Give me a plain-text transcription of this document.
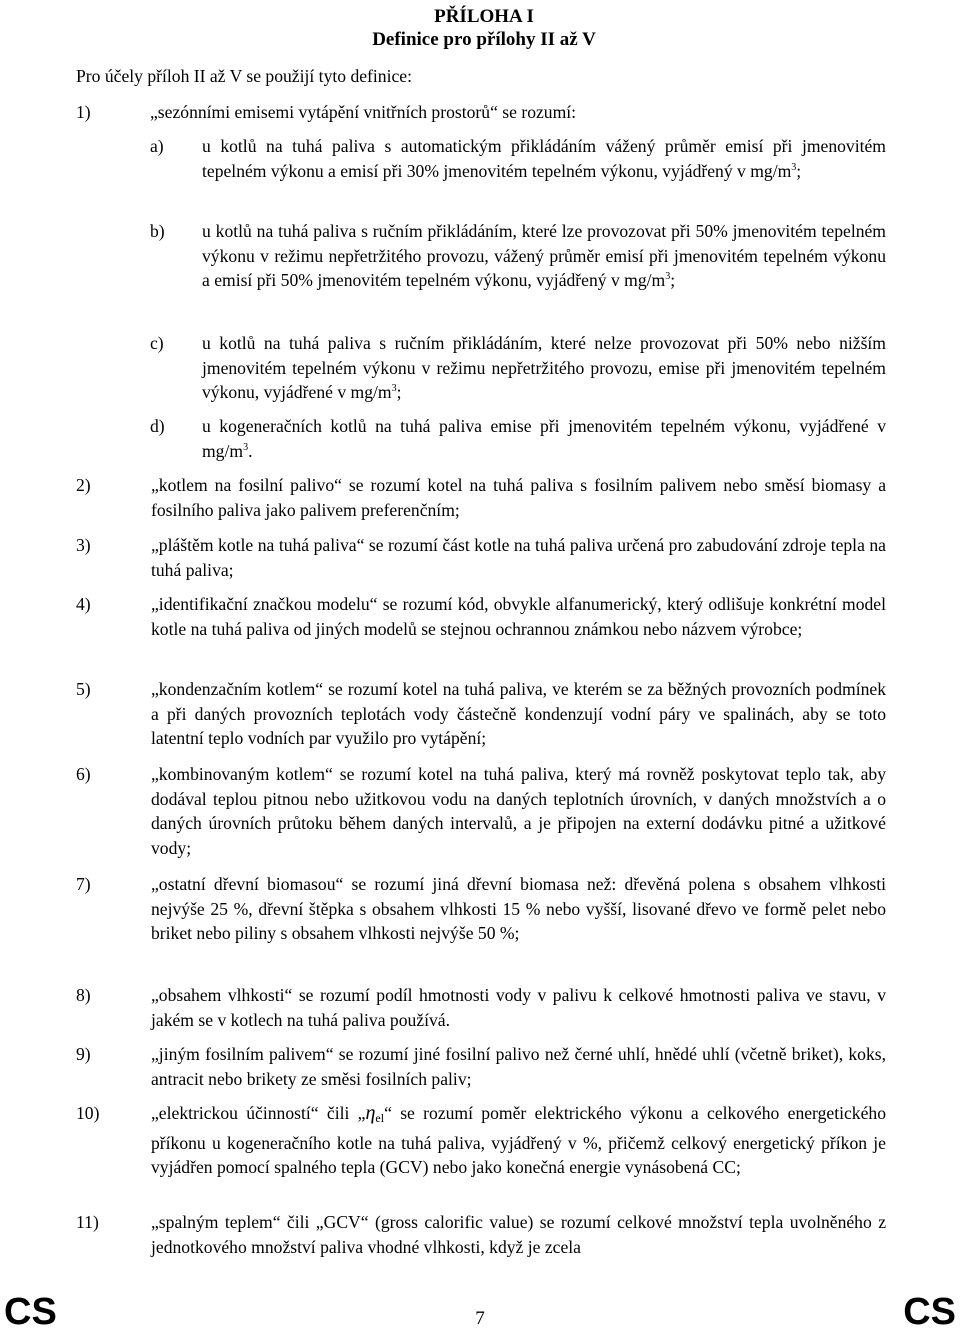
PŘÍLOHA I
Definice pro přílohy II až V
Pro účely příloh II až V se použijí tyto definice:
1)	„sezónními emisemi vytápění vnitřních prostorů“ se rozumí:
a)	u kotlů na tuhá paliva s automatickým přikládáním vážený průměr emisí při jmenovitém tepelném výkonu a emisí při 30% jmenovitém tepelném výkonu, vyjádřený v $mg/m^3$;
b)	u kotlů na tuhá paliva s ručním přikládáním, které lze provozovat při 50% jmenovitém tepelném výkonu v režimu nepřetržitého provozu, vážený průměr emisí při jmenovitém tepelném výkonu a emisí při 50% jmenovitém tepelném výkonu, vyjádřený v $mg/m^3$;
c)	u kotlů na tuhá paliva s ručním přikládáním, které nelze provozovat při 50% nebo nižším jmenovitém tepelném výkonu v režimu nepřetržitého provozu, emise při jmenovitém tepelném výkonu, vyjádřené v $mg/m^3$;
d)	u kogeneračních kotlů na tuhá paliva emise při jmenovitém tepelném výkonu, vyjádřené v $mg/m^3$.
2)	„kotlem na fosilní palivo“ se rozumí kotel na tuhá paliva s fosilním palivem nebo směsí biomasy a fosilního paliva jako palivem preferenčním;
3)	„pláštěm kotle na tuhá paliva“ se rozumí část kotle na tuhá paliva určená pro zabudování zdroje tepla na tuhá paliva;
4)	„identifikační značkou modelu“ se rozumí kód, obvykle alfanumerický, který odlišuje konkrétní model kotle na tuhá paliva od jiných modelů se stejnou ochrannou známkou nebo názvem výrobce;
5)	„kondenzačním kotlem“ se rozumí kotel na tuhá paliva, ve kterém se za běžných provozních podmínek a při daných provozních teplotách vody částečně kondenzují vodní páry ve spalinách, aby se toto latentní teplo vodních par využilo pro vytápění;
6)	„kombinovaným kotlem“ se rozumí kotel na tuhá paliva, který má rovněž poskytovat teplo tak, aby dodával teplou pitnou nebo užitkovou vodu na daných teplotních úrovních, v daných množstvích a o daných úrovních průtoku během daných intervalů, a je připojen na externí dodávku pitné a užitkové vody;
7)	„ostatní dřevní biomasou“ se rozumí jiná dřevní biomasa než: dřevěná polena s obsahem vlhkosti nejvýše 25 %, dřevní štěpka s obsahem vlhkosti 15 % nebo vyšší, lisované dřevo ve formě pelet nebo briket nebo piliny s obsahem vlhkosti nejvýše 50 %;
8)	„obsahem vlhkosti“ se rozumí podíl hmotnosti vody v palivu k celkové hmotnosti paliva ve stavu, v jakém se v kotlech na tuhá paliva používá.
9)	„jiným fosilním palivem“ se rozumí jiné fosilní palivo než černé uhlí, hnědé uhlí (včetně briket), koks, antracit nebo brikety ze směsi fosilních paliv;
10)	„elektrickou účinností“ čili „ηel“ se rozumí poměr elektrického výkonu a celkového energetického příkonu u kogeneračního kotle na tuhá paliva, vyjádřený v %, přičemž celkový energetický příkon je vyjádřen pomocí spalného tepla (GCV) nebo jako konečná energie vynásobená CC;
11)	„spalným teplem“ čili „GCV“ (gross calorific value) se rozumí celkové množství tepla uvolněného z jednotkového množství paliva vhodné vlhkosti, když je zcela
CS	7	CS
